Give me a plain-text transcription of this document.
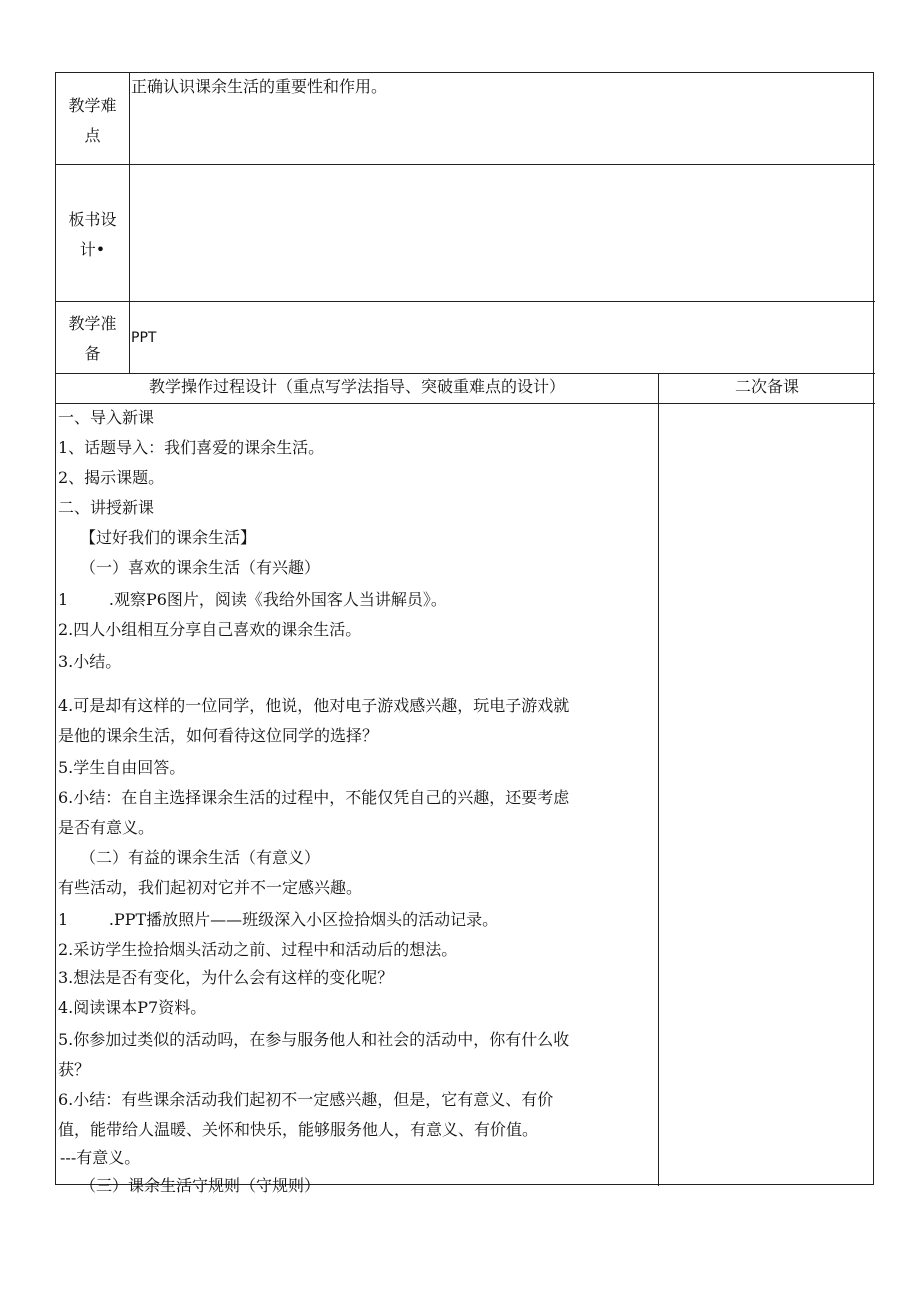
教学难
点
正确认识课余生活的重要性和作用。
板书设
计•
教学准
备
PPT
教学操作过程设计（重点写学法指导、突破重难点的设计）	二次备课
一、导入新课
1、话题导入：我们喜爱的课余生活。
2、揭示课题。
二、讲授新课
【过好我们的课余生活】
（一）喜欢的课余生活（有兴趣）
1        .观察P6图片，阅读《我给外国客人当讲解员》。
2.四人小组相互分享自己喜欢的课余生活。
3.小结。
4.可是却有这样的一位同学，他说，他对电子游戏感兴趣，玩电子游戏就
是他的课余生活，如何看待这位同学的选择？
5.学生自由回答。
6.小结：在自主选择课余生活的过程中，不能仅凭自己的兴趣，还要考虑
是否有意义。
（二）有益的课余生活（有意义）
有些活动，我们起初对它并不一定感兴趣。
1        .PPT播放照片——班级深入小区捡拾烟头的活动记录。
2.采访学生捡拾烟头活动之前、过程中和活动后的想法。
3.想法是否有变化，为什么会有这样的变化呢？
4.阅读课本P7资料。
5.你参加过类似的活动吗，在参与服务他人和社会的活动中，你有什么收
获？
6.小结：有些课余活动我们起初不一定感兴趣，但是，它有意义、有价
值，能带给人温暖、关怀和快乐，能够服务他人，有意义、有价值。
---有意义。
（三）课余生活守规则（守规则）
